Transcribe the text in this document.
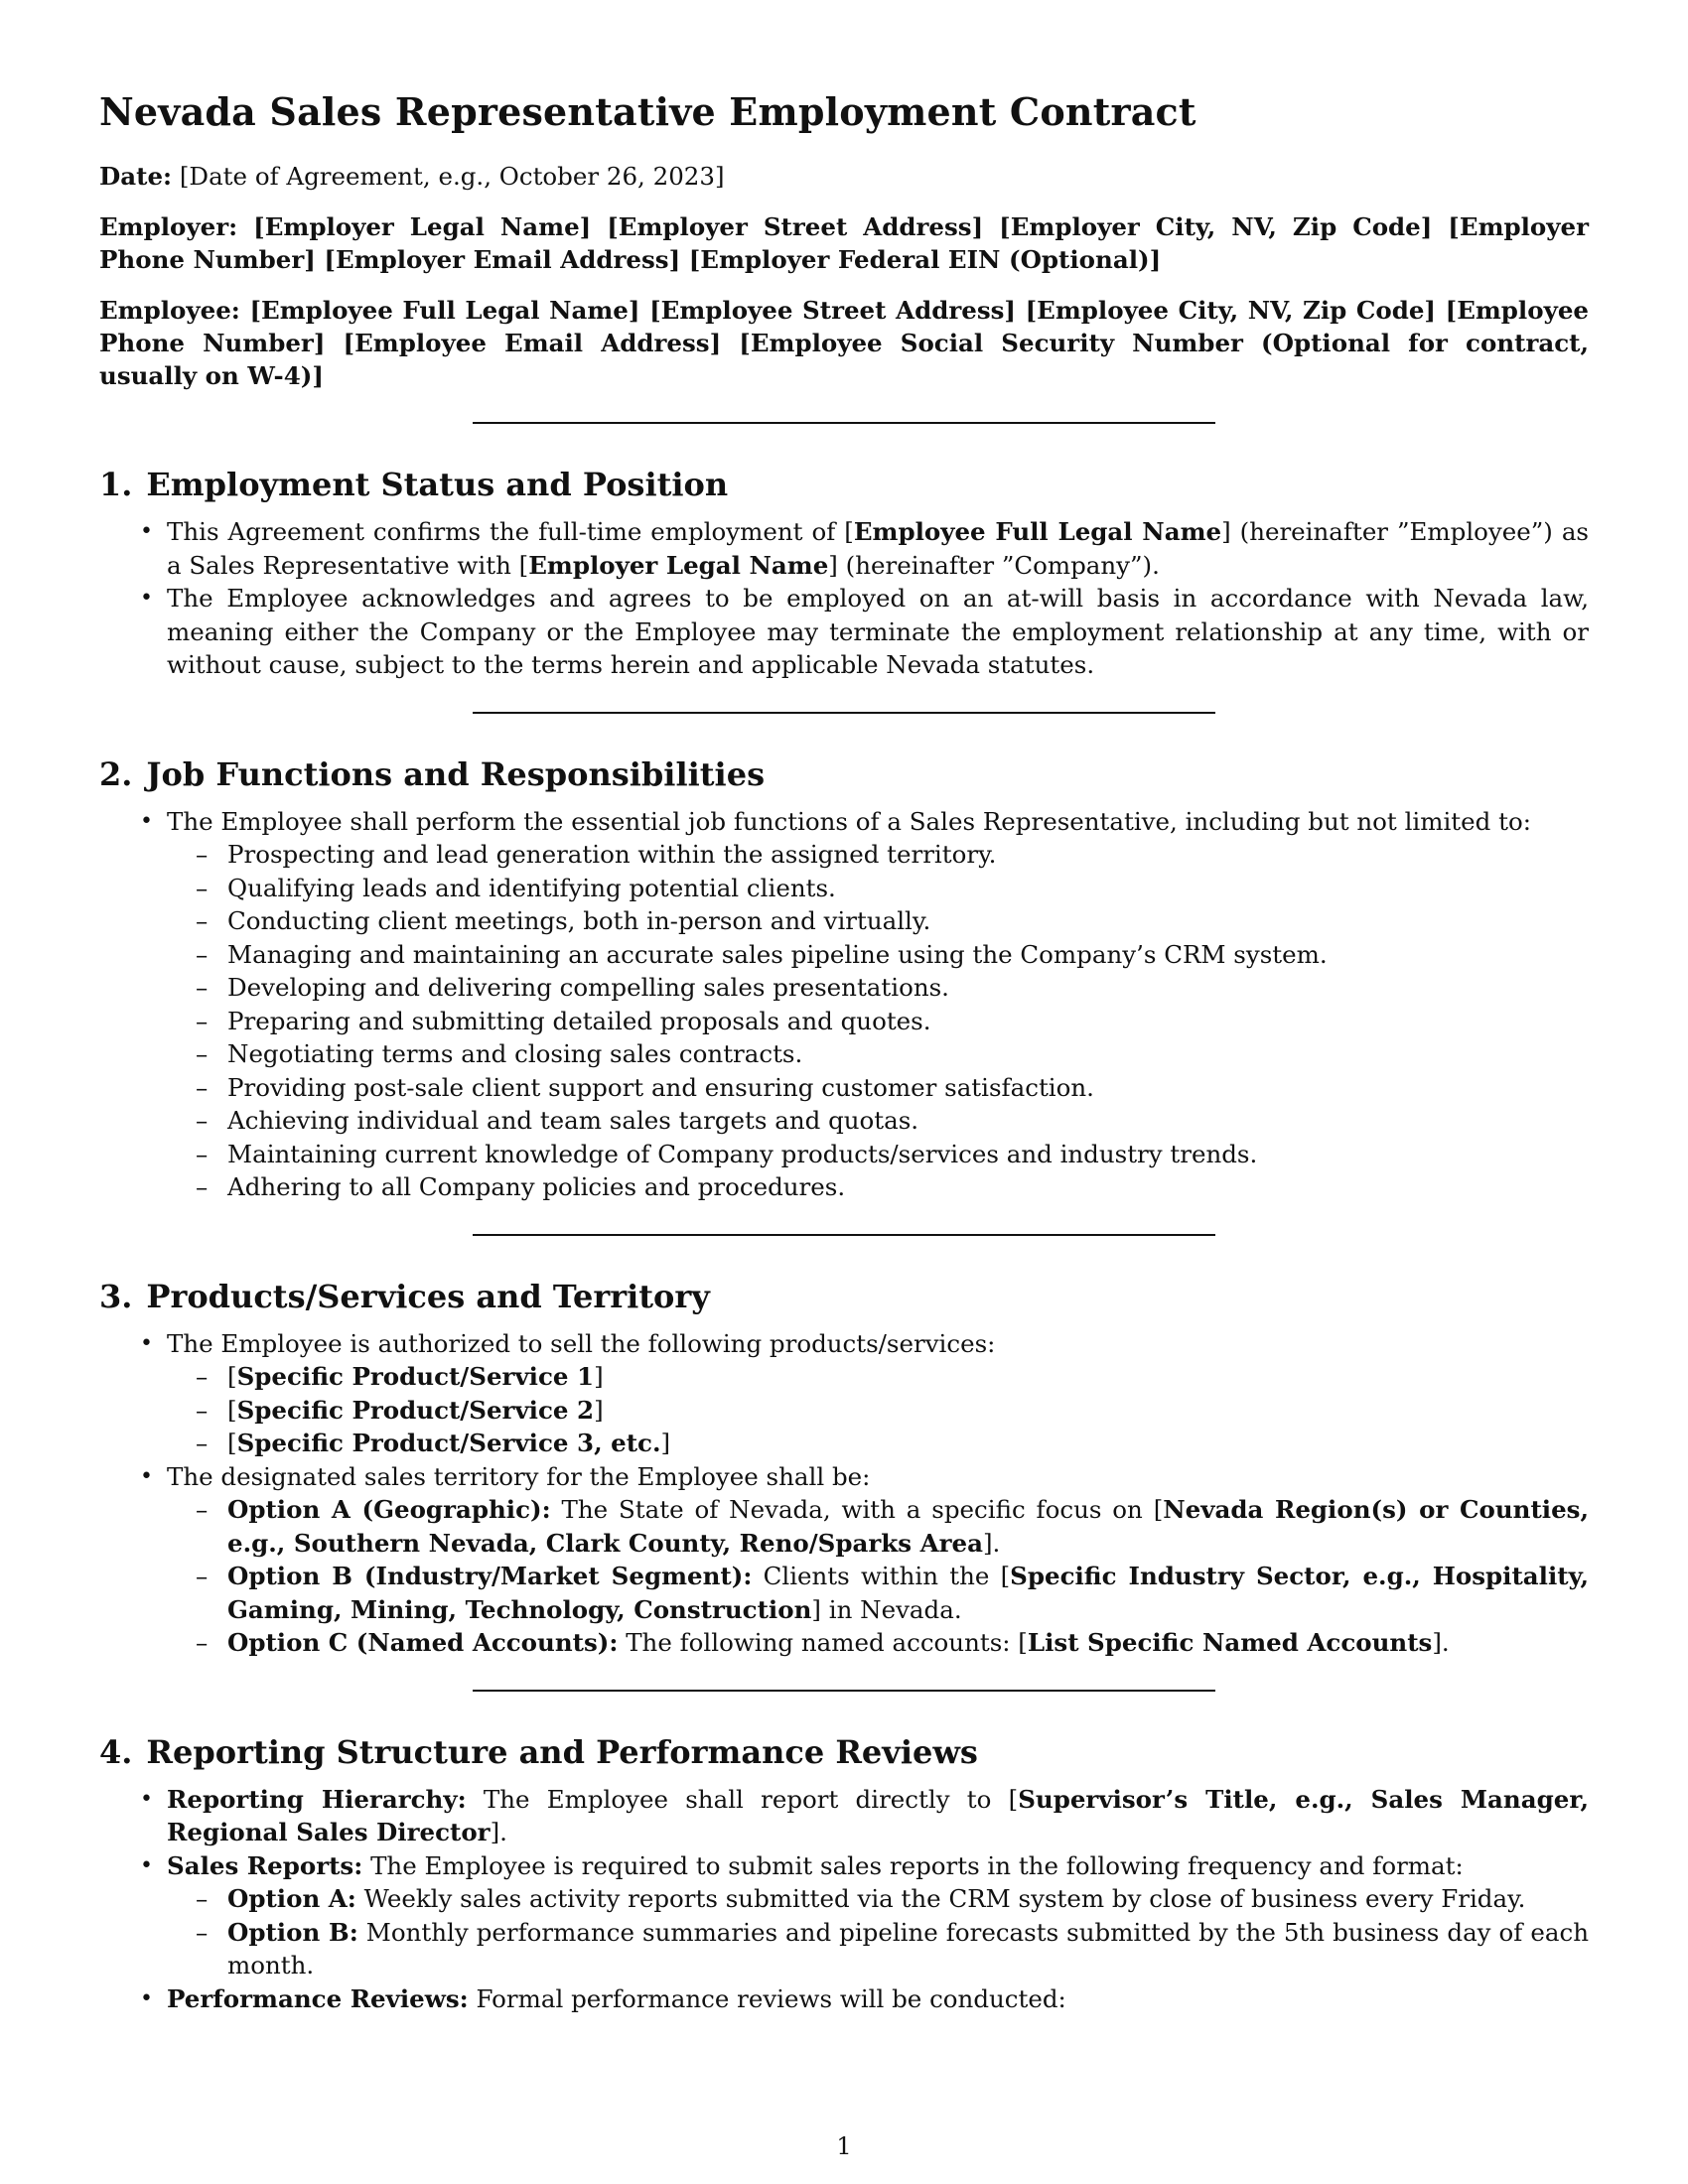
Nevada Sales Representative Employment Contract

Date: [Date of Agreement, e.g., October 26, 2023]

Employer: [Employer Legal Name] [Employer Street Address] [Employer City, NV, Zip Code] [Employer Phone Number] [Employer Email Address] [Employer Federal EIN (Optional)]

Employee: [Employee Full Legal Name] [Employee Street Address] [Employee City, NV, Zip Code] [Employee Phone Number] [Employee Email Address] [Employee Social Security Number (Optional for contract, usually on W-4)]

1. Employment Status and Position
• This Agreement confirms the full-time employment of [Employee Full Legal Name] (hereinafter ”Employee”) as a Sales Representative with [Employer Legal Name] (hereinafter ”Company”).
• The Employee acknowledges and agrees to be employed on an at-will basis in accordance with Nevada law, meaning either the Company or the Employee may terminate the employment relationship at any time, with or without cause, subject to the terms herein and applicable Nevada statutes.
2. Job Functions and Responsibilities
• The Employee shall perform the essential job functions of a Sales Representative, including but not limited to:
– Prospecting and lead generation within the assigned territory.
– Qualifying leads and identifying potential clients.
– Conducting client meetings, both in-person and virtually.
– Managing and maintaining an accurate sales pipeline using the Company’s CRM system.
– Developing and delivering compelling sales presentations.
– Preparing and submitting detailed proposals and quotes.
– Negotiating terms and closing sales contracts.
– Providing post-sale client support and ensuring customer satisfaction.
– Achieving individual and team sales targets and quotas.
– Maintaining current knowledge of Company products/services and industry trends.
– Adhering to all Company policies and procedures.
3. Products/Services and Territory
• The Employee is authorized to sell the following products/services:
– [Specific Product/Service 1]
– [Specific Product/Service 2]
– [Specific Product/Service 3, etc.]
• The designated sales territory for the Employee shall be:
– Option A (Geographic): The State of Nevada, with a specific focus on [Nevada Region(s) or Counties, e.g., Southern Nevada, Clark County, Reno/Sparks Area].
– Option B (Industry/Market Segment): Clients within the [Specific Industry Sector, e.g., Hospitality, Gaming, Mining, Technology, Construction] in Nevada.
– Option C (Named Accounts): The following named accounts: [List Specific Named Accounts].
4. Reporting Structure and Performance Reviews
• Reporting Hierarchy: The Employee shall report directly to [Supervisor’s Title, e.g., Sales Manager, Regional Sales Director].
• Sales Reports: The Employee is required to submit sales reports in the following frequency and format:
– Option A: Weekly sales activity reports submitted via the CRM system by close of business every Friday.
– Option B: Monthly performance summaries and pipeline forecasts submitted by the 5th business day of each month.
• Performance Reviews: Formal performance reviews will be conducted:
1
